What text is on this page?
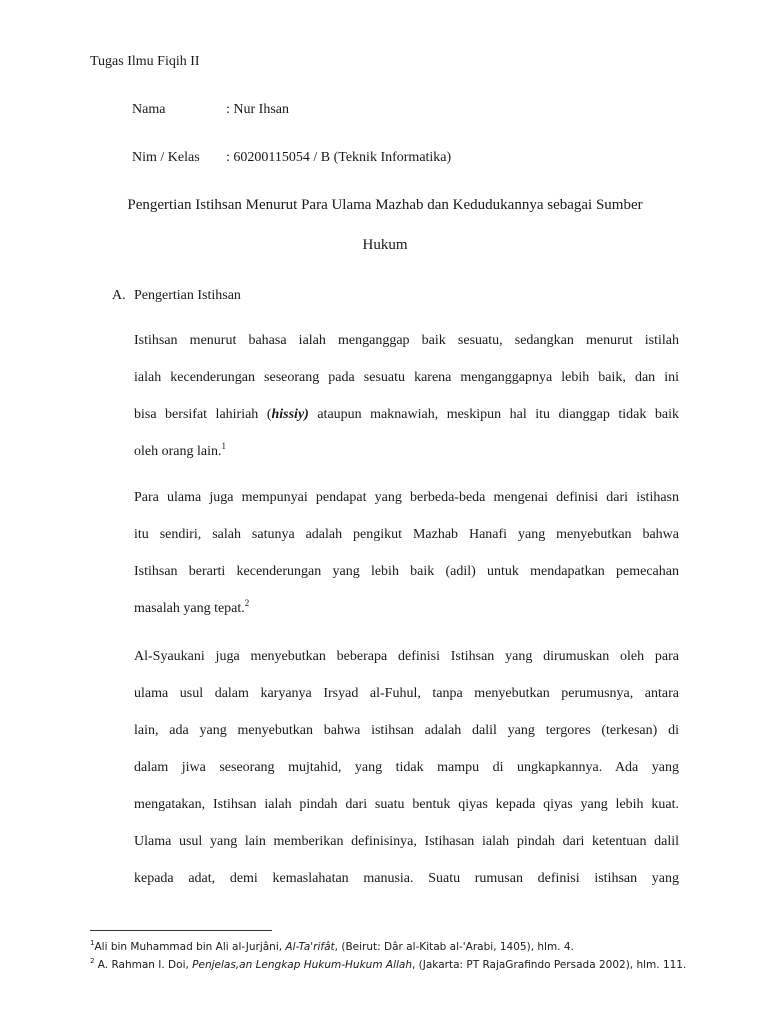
Tugas Ilmu Fiqih II
Nama	: Nur Ihsan
Nim / Kelas : 60200115054 / B (Teknik Informatika)
Pengertian Istihsan Menurut Para Ulama Mazhab dan Kedudukannya sebagai Sumber
Hukum
A. Pengertian Istihsan
Istihsan menurut bahasa ialah menganggap baik sesuatu, sedangkan menurut istilah
ialah kecenderungan seseorang pada sesuatu karena menganggapnya lebih baik, dan ini
bisa bersifat lahiriah (hissiy) ataupun maknawiah, meskipun hal itu dianggap tidak baik
oleh orang lain.$^1$
Para ulama juga mempunyai pendapat yang berbeda-beda mengenai definisi dari istihasn
itu sendiri, salah satunya adalah pengikut Mazhab Hanafi yang menyebutkan bahwa
Istihsan berarti kecenderungan yang lebih baik (adil) untuk mendapatkan pemecahan
masalah yang tepat.$^2$
Al-Syaukani juga menyebutkan beberapa definisi Istihsan yang dirumuskan oleh para
ulama usul dalam karyanya Irsyad al-Fuhul, tanpa menyebutkan perumusnya, antara
lain, ada yang menyebutkan bahwa istihsan adalah dalil yang tergores (terkesan) di
dalam jiwa seseorang mujtahid, yang tidak mampu di ungkapkannya. Ada yang
mengatakan, Istihsan ialah pindah dari suatu bentuk qiyas kepada qiyas yang lebih kuat.
Ulama usul yang lain memberikan definisinya, Istihasan ialah pindah dari ketentuan dalil
kepada adat, demi kemaslahatan manusia. Suatu rumusan definisi istihsan yang
$^1$Ali bin Muhammad bin Ali al-Jurjâni, Al-Ta'rifât, (Beirut: Dâr al-Kitab al-'Arabi, 1405), hlm. 4.
$^2$ A. Rahman I. Doi, Penjelas,an Lengkap Hukum-Hukum Allah, (Jakarta: PT RajaGrafindo Persada 2002), hlm. 111.
